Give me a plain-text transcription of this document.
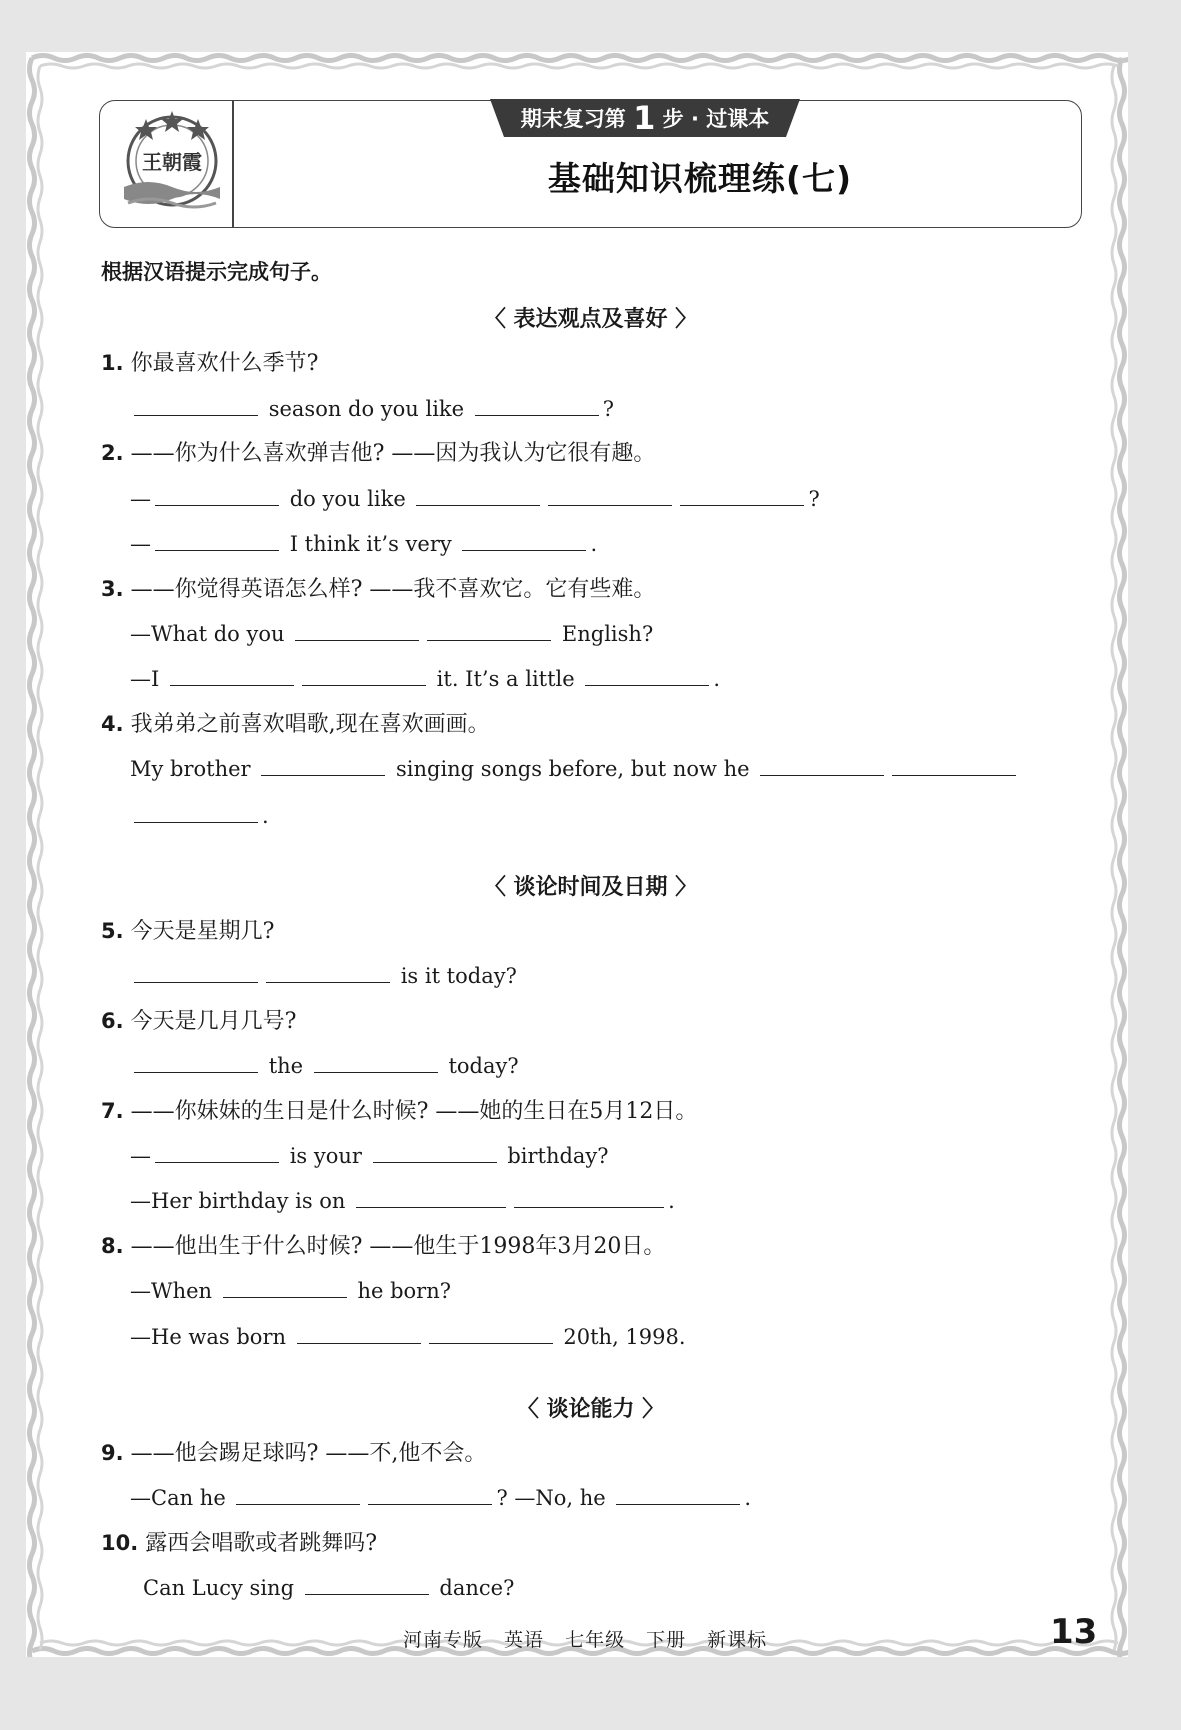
王朝霞
期末复习第 1 步 · 过课本
基础知识梳理练(七)
根据汉语提示完成句子。
〈 表达观点及喜好 〉
1. 你最喜欢什么季节?
season do you like	?
2. ——你为什么喜欢弹吉他? ——因为我认为它很有趣。
—	do you like	?
—	I think it’s very	.
3. ——你觉得英语怎么样? ——我不喜欢它。它有些难。
—What do you	English?
—I	it. It’s a little	.
4. 我弟弟之前喜欢唱歌,现在喜欢画画。
My brother	singing songs before, but now he
.
〈 谈论时间及日期 〉
5. 今天是星期几?
is it today?
6. 今天是几月几号?
the	today?
7. ——你妹妹的生日是什么时候? ——她的生日在5月12日。
—	is your	birthday?
—Her birthday is on	.
8. ——他出生于什么时候? ——他生于1998年3月20日。
—When	he born?
—He was born	20th, 1998.
〈 谈论能力 〉
9. ——他会踢足球吗? ——不,他不会。
—Can he	? —No, he	.
10. 露西会唱歌或者跳舞吗?
Can Lucy sing	dance?
河南专版 英语 七年级 下册 新课标	13
